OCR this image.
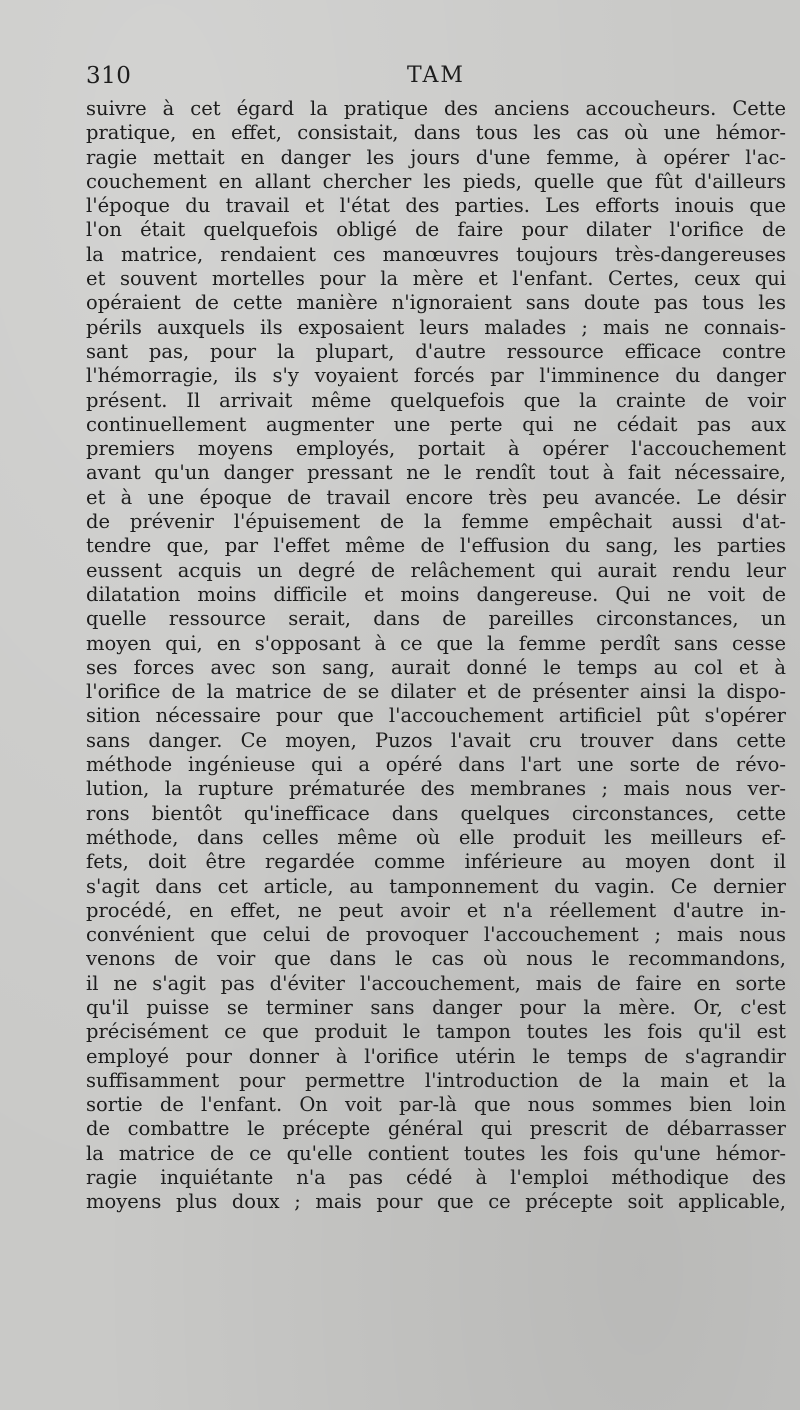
310	TAM
suivre à cet égard la pratique des anciens accoucheurs. Cette
pratique, en effet, consistait, dans tous les cas où une hémor-
ragie mettait en danger les jours d'une femme, à opérer l'ac-
couchement en allant chercher les pieds, quelle que fût d'ailleurs
l'époque du travail et l'état des parties. Les efforts inouis que
l'on était quelquefois obligé de faire pour dilater l'orifice de
la matrice, rendaient ces manœuvres toujours très-dangereuses
et souvent mortelles pour la mère et l'enfant. Certes, ceux qui
opéraient de cette manière n'ignoraient sans doute pas tous les
périls auxquels ils exposaient leurs malades ; mais ne connais-
sant pas, pour la plupart, d'autre ressource efficace contre
l'hémorragie, ils s'y voyaient forcés par l'imminence du danger
présent. Il arrivait même quelquefois que la crainte de voir
continuellement augmenter une perte qui ne cédait pas aux
premiers moyens employés, portait à opérer l'accouchement
avant qu'un danger pressant ne le rendît tout à fait nécessaire,
et à une époque de travail encore très peu avancée. Le désir
de prévenir l'épuisement de la femme empêchait aussi d'at-
tendre que, par l'effet même de l'effusion du sang, les parties
eussent acquis un degré de relâchement qui aurait rendu leur
dilatation moins difficile et moins dangereuse. Qui ne voit de
quelle ressource serait, dans de pareilles circonstances, un
moyen qui, en s'opposant à ce que la femme perdît sans cesse
ses forces avec son sang, aurait donné le temps au col et à
l'orifice de la matrice de se dilater et de présenter ainsi la dispo-
sition nécessaire pour que l'accouchement artificiel pût s'opérer
sans danger. Ce moyen, Puzos l'avait cru trouver dans cette
méthode ingénieuse qui a opéré dans l'art une sorte de révo-
lution, la rupture prématurée des membranes ; mais nous ver-
rons bientôt qu'inefficace dans quelques circonstances, cette
méthode, dans celles même où elle produit les meilleurs ef-
fets, doit être regardée comme inférieure au moyen dont il
s'agit dans cet article, au tamponnement du vagin. Ce dernier
procédé, en effet, ne peut avoir et n'a réellement d'autre in-
convénient que celui de provoquer l'accouchement ; mais nous
venons de voir que dans le cas où nous le recommandons,
il ne s'agit pas d'éviter l'accouchement, mais de faire en sorte
qu'il puisse se terminer sans danger pour la mère. Or, c'est
précisément ce que produit le tampon toutes les fois qu'il est
employé pour donner à l'orifice utérin le temps de s'agrandir
suffisamment pour permettre l'introduction de la main et la
sortie de l'enfant. On voit par-là que nous sommes bien loin
de combattre le précepte général qui prescrit de débarrasser
la matrice de ce qu'elle contient toutes les fois qu'une hémor-
ragie inquiétante n'a pas cédé à l'emploi méthodique des
moyens plus doux ; mais pour que ce précepte soit applicable,
